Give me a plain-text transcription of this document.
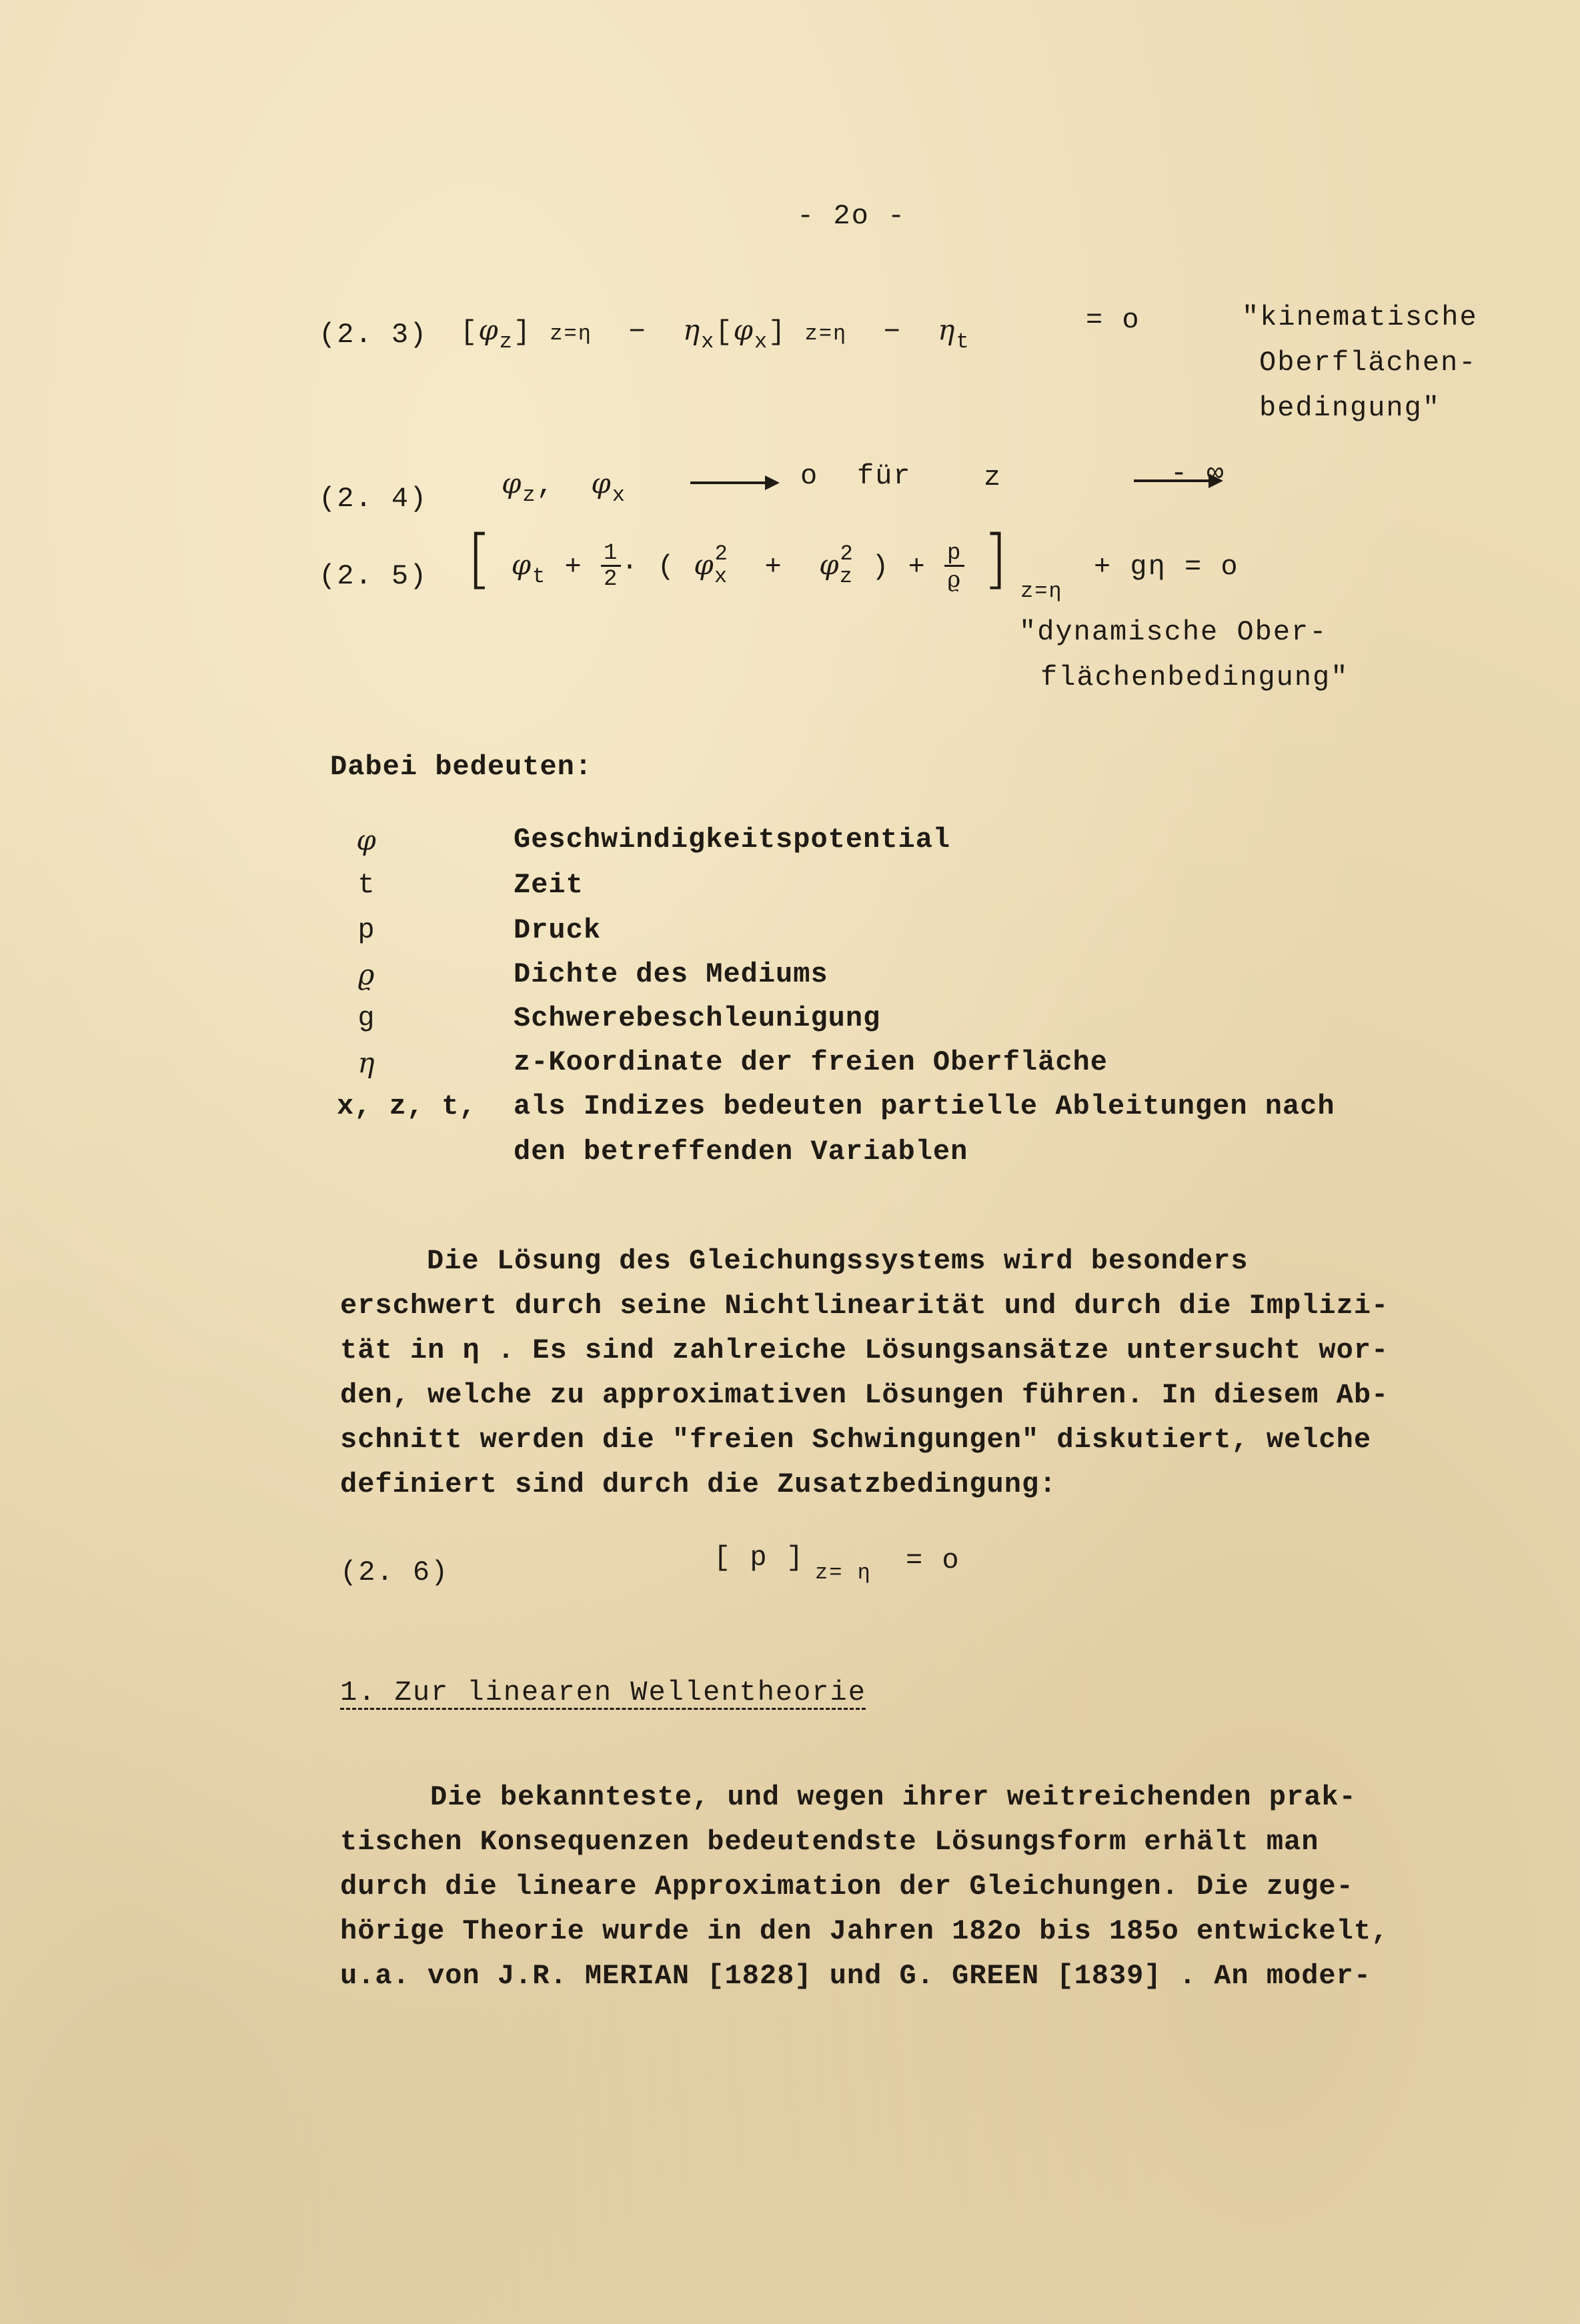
- 2o -
(2. 3) $[\varphi_z] z=\eta - \eta_x[\varphi_x] z=\eta - \eta_t$
= o	"kinematische
Oberflächen-
bedingung"
(2. 4)	$\varphi_z$, $\varphi_x$

o für	z	- ∞
(2. 5) [ $\varphi_t + \frac{1}{2}$ · ( $\varphi^2_x + \varphi^2_z$ ) + $\frac{p}{ϱ}$ ] z=η
+ gη = o
"dynamische Ober-
flächenbedingung"
Dabei bedeuten:
φ	Geschwindigkeitspotential
t	Zeit
p	Druck
ϱ	Dichte des Mediums
g	Schwerebeschleunigung
η	z-Koordinate der freien Oberfläche
x, z, t,	als Indizes bedeuten partielle Ableitungen nach
den betreffenden Variablen
Die Lösung des Gleichungssystems wird besonders
erschwert durch seine Nichtlinearität und durch die Implizi-
tät in η . Es sind zahlreiche Lösungsansätze untersucht wor-
den, welche zu approximativen Lösungen führen. In diesem Ab-
schnitt werden die "freien Schwingungen" diskutiert, welche
definiert sind durch die Zusatzbedingung:
(2. 6)	[ p ] z= η = o
1. Zur linearen Wellentheorie
Die bekannteste, und wegen ihrer weitreichenden prak-
tischen Konsequenzen bedeutendste Lösungsform erhält man
durch die lineare Approximation der Gleichungen. Die zuge-
hörige Theorie wurde in den Jahren 182o bis 185o entwickelt,
u.a. von J.R. MERIAN [1828] und G. GREEN [1839] . An moder-
